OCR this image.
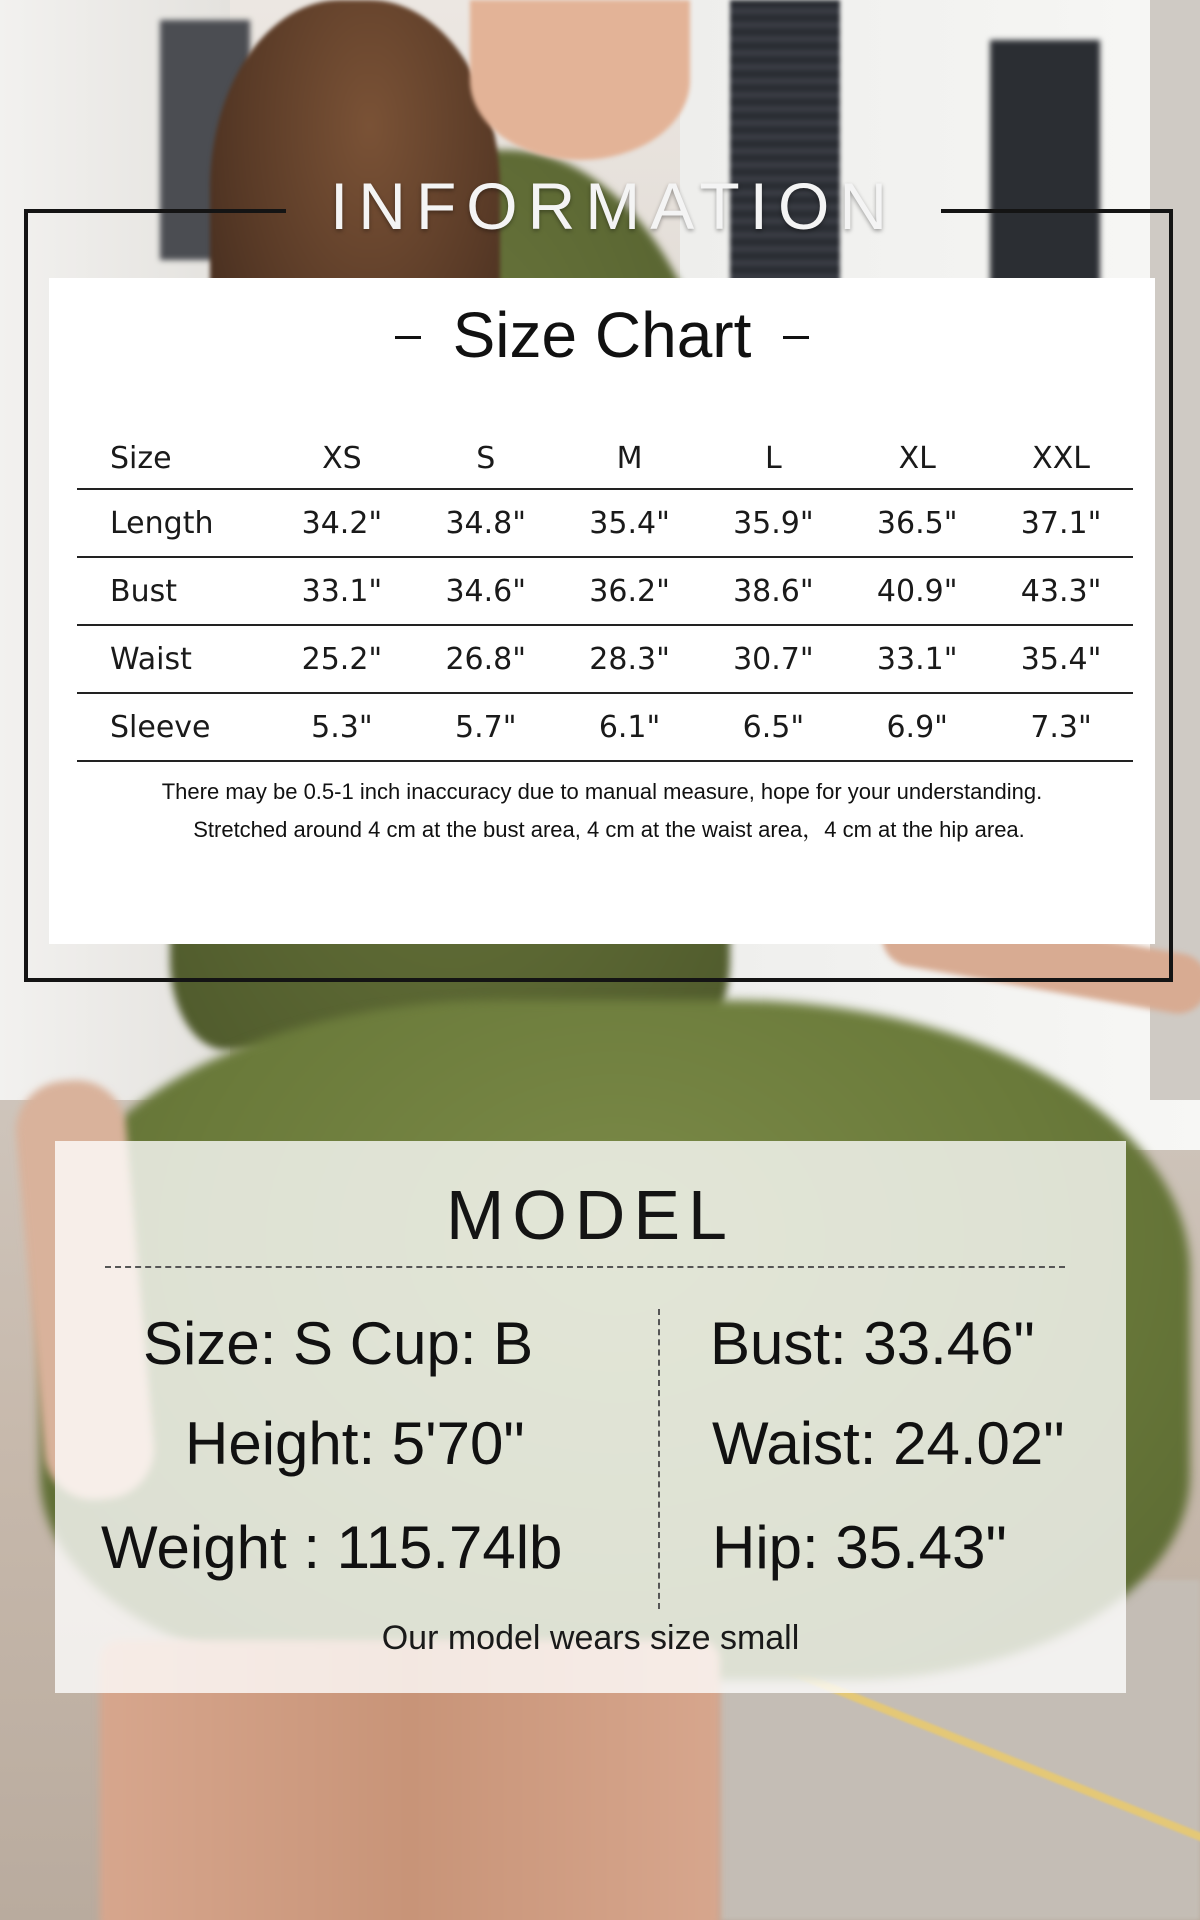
INFORMATION
Size Chart
Size	XS	S	M	L	XL	XXL
Length	34.2"	34.8"	35.4"	35.9"	36.5"	37.1"
Bust	33.1"	34.6"	36.2"	38.6"	40.9"	43.3"
Waist	25.2"	26.8"	28.3"	30.7"	33.1"	35.4"
Sleeve	5.3"	5.7"	6.1"	6.5"	6.9"	7.3"
There may be 0.5-1 inch inaccuracy due to manual measure, hope for your understanding.
Stretched around 4 cm at the bust area, 4 cm at the waist area，4 cm at the hip area.
MODEL
Size: S Cup: B
Height: 5'70"
Weight : 115.74lb
Bust: 33.46"
Waist: 24.02"
Hip: 35.43"
Our model wears size small
